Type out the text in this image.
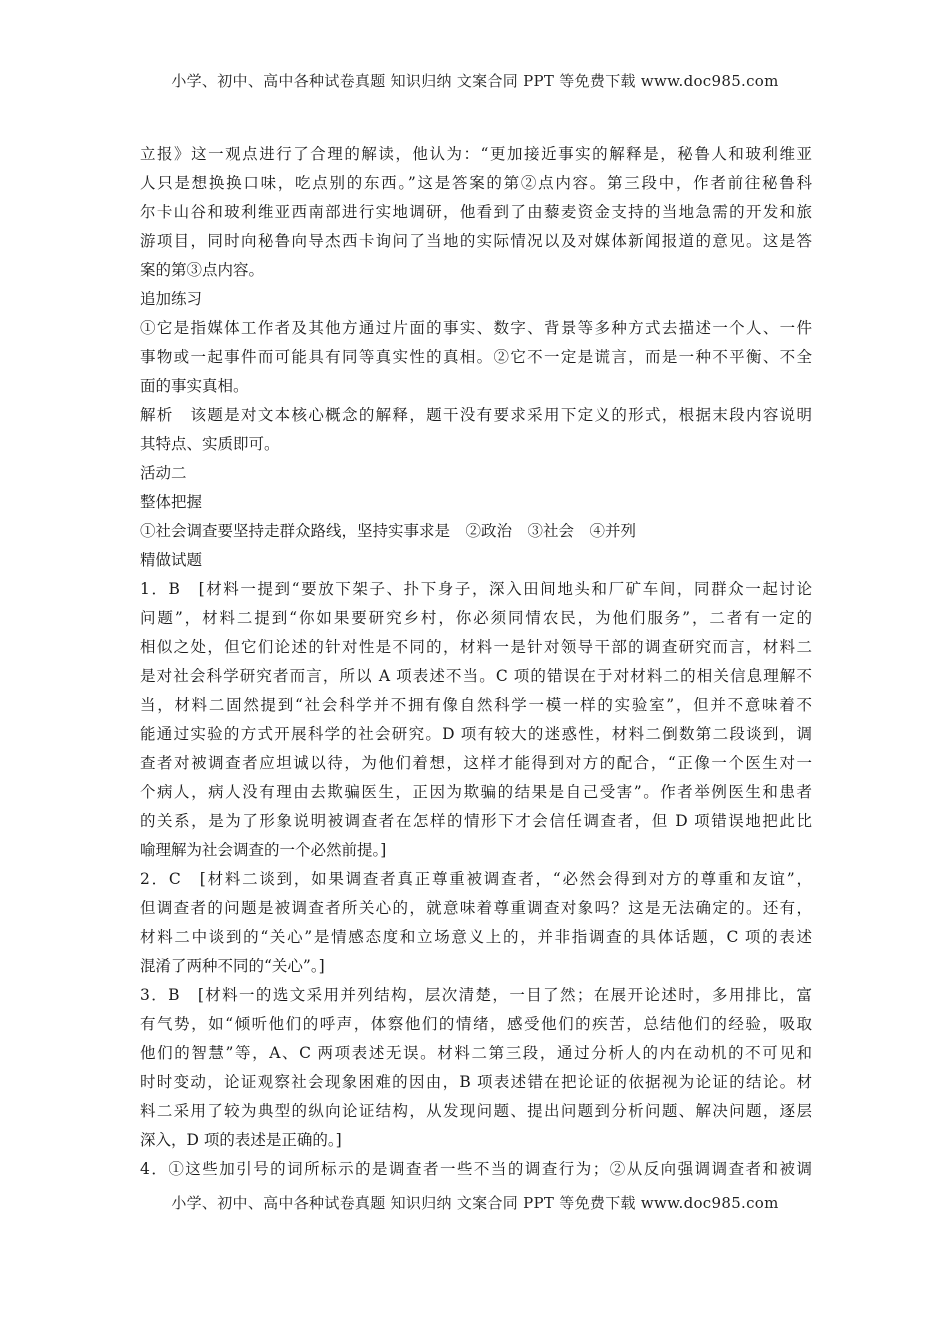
小学、初中、高中各种试卷真题 知识归纳 文案合同 PPT 等免费下载 www.doc985.com
立报》这一观点进行了合理的解读，他认为：“更加接近事实的解释是，秘鲁人和玻利维亚
人只是想换换口味，吃点别的东西。”这是答案的第②点内容。第三段中，作者前往秘鲁科
尔卡山谷和玻利维亚西南部进行实地调研，他看到了由藜麦资金支持的当地急需的开发和旅
游项目，同时向秘鲁向导杰西卡询问了当地的实际情况以及对媒体新闻报道的意见。这是答
案的第③点内容。
追加练习
①它是指媒体工作者及其他方通过片面的事实、数字、背景等多种方式去描述一个人、一件
事物或一起事件而可能具有同等真实性的真相。②它不一定是谎言，而是一种不平衡、不全
面的事实真相。
解析　该题是对文本核心概念的解释，题干没有要求采用下定义的形式，根据末段内容说明
其特点、实质即可。
活动二
整体把握
①社会调查要坚持走群众路线，坚持实事求是　②政治　③社会　④并列
精做试题
1．B　[材料一提到“要放下架子、扑下身子，深入田间地头和厂矿车间，同群众一起讨论
问题”，材料二提到“你如果要研究乡村，你必须同情农民，为他们服务”，二者有一定的
相似之处，但它们论述的针对性是不同的，材料一是针对领导干部的调查研究而言，材料二
是对社会科学研究者而言，所以 A 项表述不当。C 项的错误在于对材料二的相关信息理解不
当，材料二固然提到“社会科学并不拥有像自然科学一模一样的实验室”，但并不意味着不
能通过实验的方式开展科学的社会研究。D 项有较大的迷惑性，材料二倒数第二段谈到，调
查者对被调查者应坦诚以待，为他们着想，这样才能得到对方的配合，“正像一个医生对一
个病人，病人没有理由去欺骗医生，正因为欺骗的结果是自己受害”。作者举例医生和患者
的关系，是为了形象说明被调查者在怎样的情形下才会信任调查者，但 D 项错误地把此比
喻理解为社会调查的一个必然前提。]
2．C　[材料二谈到，如果调查者真正尊重被调查者，“必然会得到对方的尊重和友谊”，
但调查者的问题是被调查者所关心的，就意味着尊重调查对象吗？这是无法确定的。还有，
材料二中谈到的“关心”是情感态度和立场意义上的，并非指调查的具体话题，C 项的表述
混淆了两种不同的“关心”。]
3．B　[材料一的选文采用并列结构，层次清楚，一目了然；在展开论述时，多用排比，富
有气势，如“倾听他们的呼声，体察他们的情绪，感受他们的疾苦，总结他们的经验，吸取
他们的智慧”等，A、C 两项表述无误。材料二第三段，通过分析人的内在动机的不可见和
时时变动，论证观察社会现象困难的因由，B 项表述错在把论证的依据视为论证的结论。材
料二采用了较为典型的纵向论证结构，从发现问题、提出问题到分析问题、解决问题，逐层
深入，D 项的表述是正确的。]
4．①这些加引号的词所标示的是调查者一些不当的调查行为；②从反向强调调查者和被调
小学、初中、高中各种试卷真题 知识归纳 文案合同 PPT 等免费下载 www.doc985.com
